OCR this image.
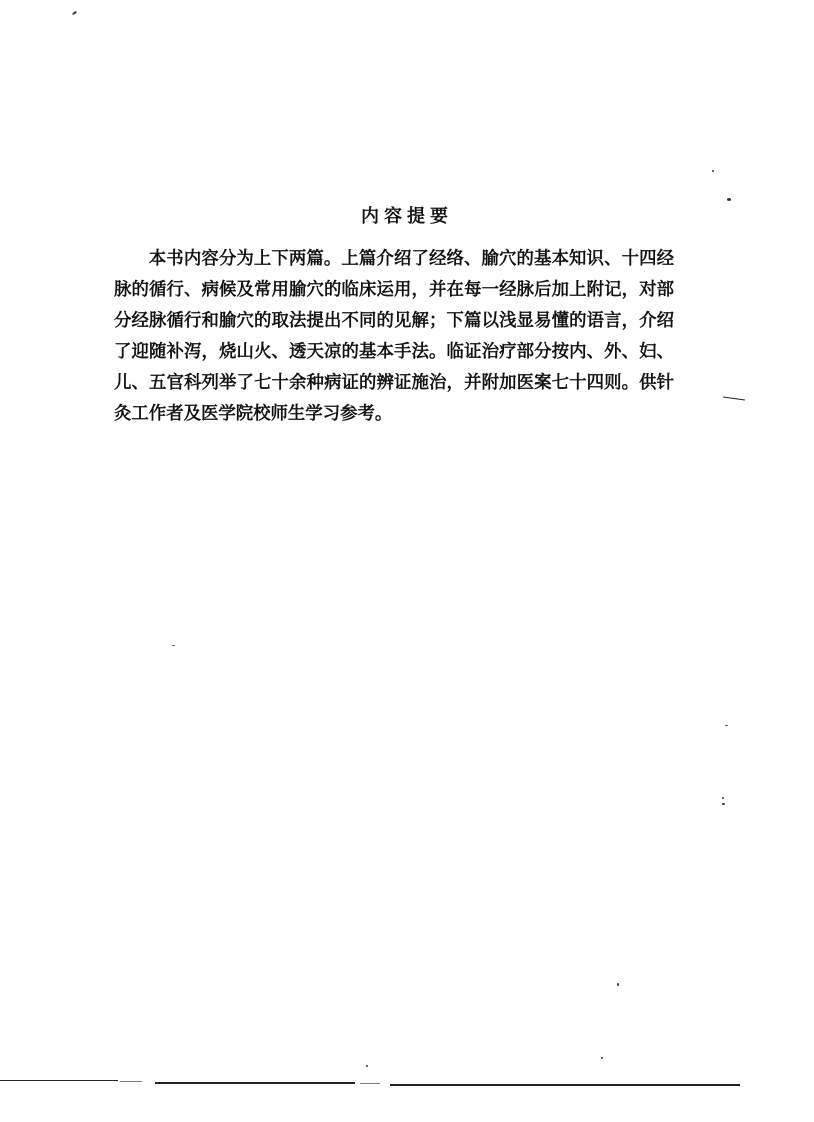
内容提要

本书内容分为上下两篇。上篇介绍了经络、腧穴的基本知识、十四经脉的循行、病候及常用腧穴的临床运用，并在每一经脉后加上附记，对部分经脉循行和腧穴的取法提出不同的见解；下篇以浅显易懂的语言，介绍了迎随补泻，烧山火、透天凉的基本手法。临证治疗部分按内、外、妇、儿、五官科列举了七十余种病证的辨证施治，并附加医案七十四则。供针灸工作者及医学院校师生学习参考。
